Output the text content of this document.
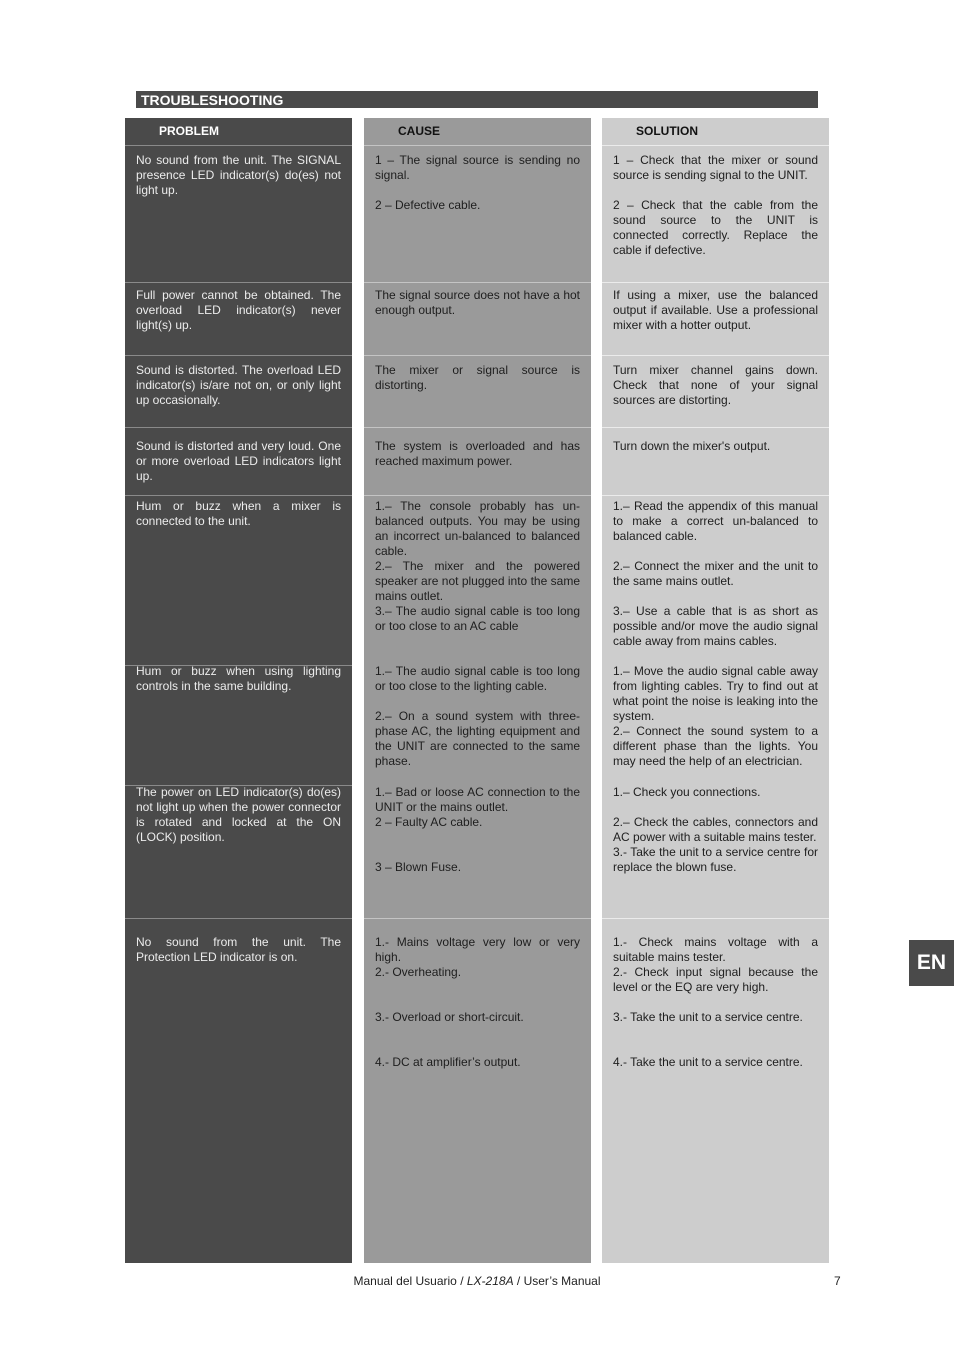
TROUBLESHOOTING
PROBLEM

No sound from the unit. The SIGNAL presence LED indicator(s) do(es) not light up.

Full power cannot be obtained. The overload LED indicator(s) never light(s) up.

Sound is distorted. The overload LED indicator(s) is/are not on, or only light up occasionally.

Sound is distorted and very loud. One or more overload LED indicators light up.

Hum or buzz when a mixer is connected to the unit.

Hum or buzz when using lighting controls in the same building.

The power on LED indicator(s) do(es) not light up when the power connector is rotated and locked at the ON (LOCK) position.

No sound from the unit. The Protection LED indicator is on.

CAUSE

1 – The signal source is sending no signal.

2 – Defective cable.

The signal source does not have a hot enough output.

The mixer or signal source is distorting.

The system is overloaded and has reached maximum power.

1.– The console probably has un-balanced outputs. You may be using an incorrect un-balanced to balanced cable.

2.– The mixer and the powered speaker are not plugged into the same mains outlet.

3.– The audio signal cable is too long or too close to an AC cable

1.– The audio signal cable is too long or too close to the lighting cable.

2.– On a sound system with three-phase AC, the lighting equipment and the UNIT are connected to the same phase.

1.– Bad or loose AC connection to the UNIT or the mains outlet.

2 – Faulty AC cable.

3 – Blown Fuse.

1.- Mains voltage very low or very high.

2.- Overheating.

3.- Overload or short-circuit.

4.- DC at amplifier’s output.

SOLUTION

1 – Check that the mixer or sound source is sending signal to the UNIT.

2 – Check that the cable from the sound source to the UNIT is connected correctly. Replace the cable if defective.

If using a mixer, use the balanced output if available. Use a professional mixer with a hotter output.

Turn mixer channel gains down. Check that none of your signal sources are distorting.

Turn down the mixer's output.

1.– Read the appendix of this manual to make a correct un-balanced to balanced cable.

2.– Connect the mixer and the unit to the same mains outlet.

3.– Use a cable that is as short as possible and/or move the audio signal cable away from mains cables.

1.– Move the audio signal cable away from lighting cables. Try to find out at what point the noise is leaking into the system.

2.– Connect the sound system to a different phase than the lights. You may need the help of an electrician.

1.– Check you connections.

2.– Check the cables, connectors and AC power with a suitable mains tester.

3.- Take the unit to a service centre for replace the blown fuse.

1.- Check mains voltage with a suitable mains tester.

2.- Check input signal because the level or the EQ are very high.

3.- Take the unit to a service centre.

4.- Take the unit to a service centre.

Manual del Usuario / LX-218A / User’s Manual	7
EN
